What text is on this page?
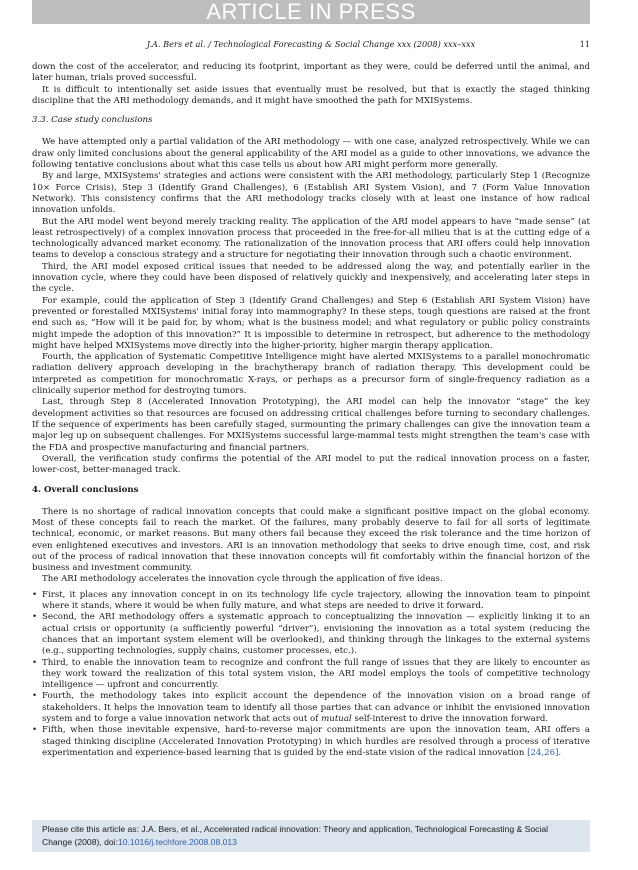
ARTICLE IN PRESS
J.A. Bers et al. / Technological Forecasting & Social Change xxx (2008) xxx–xxx	11

down the cost of the accelerator, and reducing its footprint, important as they were, could be deferred until the animal, and later human, trials proved successful.

It is difficult to intentionally set aside issues that eventually must be resolved, but that is exactly the staged thinking discipline that the ARI methodology demands, and it might have smoothed the path for MXISystems.

3.3. Case study conclusions

We have attempted only a partial validation of the ARI methodology — with one case, analyzed retrospectively. While we can draw only limited conclusions about the general applicability of the ARI model as a guide to other innovations, we advance the following tentative conclusions about what this case tells us about how ARI might perform more generally.

By and large, MXISystems' strategies and actions were consistent with the ARI methodology, particularly Step 1 (Recognize 10× Force Crisis), Step 3 (Identify Grand Challenges), 6 (Establish ARI System Vision), and 7 (Form Value Innovation Network). This consistency confirms that the ARI methodology tracks closely with at least one instance of how radical innovation unfolds.

But the ARI model went beyond merely tracking reality. The application of the ARI model appears to have “made sense” (at least retrospectively) of a complex innovation process that proceeded in the free-for-all milieu that is at the cutting edge of a technologically advanced market economy. The rationalization of the innovation process that ARI offers could help innovation teams to develop a conscious strategy and a structure for negotiating their innovation through such a chaotic environment.

Third, the ARI model exposed critical issues that needed to be addressed along the way, and potentially earlier in the innovation cycle, where they could have been disposed of relatively quickly and inexpensively, and accelerating later steps in the cycle.

For example, could the application of Step 3 (Identify Grand Challenges) and Step 6 (Establish ARI System Vision) have prevented or forestalled MXISystems' initial foray into mammography? In these steps, tough questions are raised at the front end such as, “How will it be paid for, by whom; what is the business model; and what regulatory or public policy constraints might impede the adoption of this innovation?” It is impossible to determine in retrospect, but adherence to the methodology might have helped MXISystems move directly into the higher-priority, higher margin therapy application.

Fourth, the application of Systematic Competitive Intelligence might have alerted MXISystems to a parallel monochromatic radiation delivery approach developing in the brachytherapy branch of radiation therapy. This development could be interpreted as competition for monochromatic X-rays, or perhaps as a precursor form of single-frequency radiation as a clinically superior method for destroying tumors.

Last, through Step 8 (Accelerated Innovation Prototyping), the ARI model can help the innovator “stage” the key development activities so that resources are focused on addressing critical challenges before turning to secondary challenges. If the sequence of experiments has been carefully staged, surmounting the primary challenges can give the innovation team a major leg up on subsequent challenges. For MXISystems successful large-mammal tests might strengthen the team's case with the FDA and prospective manufacturing and financial partners.

Overall, the verification study confirms the potential of the ARI model to put the radical innovation process on a faster, lower-cost, better-managed track.

4. Overall conclusions

There is no shortage of radical innovation concepts that could make a significant positive impact on the global economy. Most of these concepts fail to reach the market. Of the failures, many probably deserve to fail for all sorts of legitimate technical, economic, or market reasons. But many others fail because they exceed the risk tolerance and the time horizon of even enlightened executives and investors. ARI is an innovation methodology that seeks to drive enough time, cost, and risk out of the process of radical innovation that these innovation concepts will fit comfortably within the financial horizon of the business and investment community.

The ARI methodology accelerates the innovation cycle through the application of five ideas.

• First, it places any innovation concept in on its technology life cycle trajectory, allowing the innovation team to pinpoint where it stands, where it would be when fully mature, and what steps are needed to drive it forward.
• Second, the ARI methodology offers a systematic approach to conceptualizing the innovation — explicitly linking it to an actual crisis or opportunity (a sufficiently powerful “driver”), envisioning the innovation as a total system (reducing the chances that an important system element will be overlooked), and thinking through the linkages to the external systems (e.g., supporting technologies, supply chains, customer processes, etc.).
• Third, to enable the innovation team to recognize and confront the full range of issues that they are likely to encounter as they work toward the realization of this total system vision, the ARI model employs the tools of competitive technology intelligence — upfront and concurrently.
• Fourth, the methodology takes into explicit account the dependence of the innovation vision on a broad range of stakeholders. It helps the innovation team to identify all those parties that can advance or inhibit the envisioned innovation system and to forge a value innovation network that acts out of mutual self-interest to drive the innovation forward.
• Fifth, when those inevitable expensive, hard-to-reverse major commitments are upon the innovation team, ARI offers a staged thinking discipline (Accelerated Innovation Prototyping) in which hurdles are resolved through a process of iterative experimentation and experience-based learning that is guided by the end-state vision of the radical innovation [24,26].
Please cite this article as: J.A. Bers, et al., Accelerated radical innovation: Theory and application, Technological Forecasting & Social Change (2008), doi:10.1016/j.techfore.2008.08.013
